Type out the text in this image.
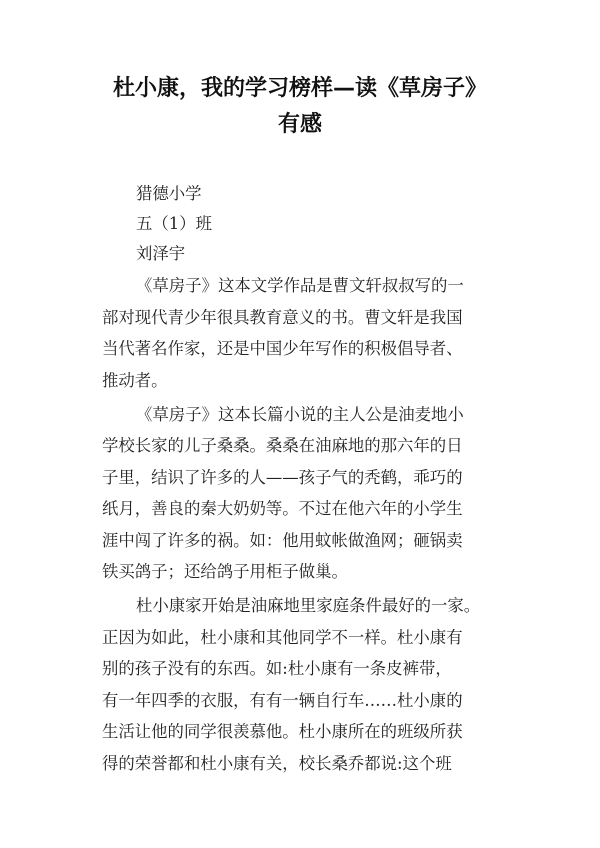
杜小康，我的学习榜样—读《草房子》
有感

猎德小学

五（1）班

刘泽宇

《草房子》这本文学作品是曹文轩叔叔写的一

部对现代青少年很具教育意义的书。曹文轩是我国

当代著名作家，还是中国少年写作的积极倡导者、

推动者。

《草房子》这本长篇小说的主人公是油麦地小

学校长家的儿子桑桑。桑桑在油麻地的那六年的日

子里，结识了许多的人——孩子气的秃鹤，乖巧的

纸月，善良的秦大奶奶等。不过在他六年的小学生

涯中闯了许多的祸。如：他用蚊帐做渔网；砸锅卖

铁买鸽子；还给鸽子用柜子做巢。

杜小康家开始是油麻地里家庭条件最好的一家。

正因为如此，杜小康和其他同学不一样。杜小康有

别的孩子没有的东西。如:杜小康有一条皮裤带，

有一年四季的衣服，有有一辆自行车……杜小康的

生活让他的同学很羡慕他。杜小康所在的班级所获

得的荣誉都和杜小康有关，校长桑乔都说:这个班
